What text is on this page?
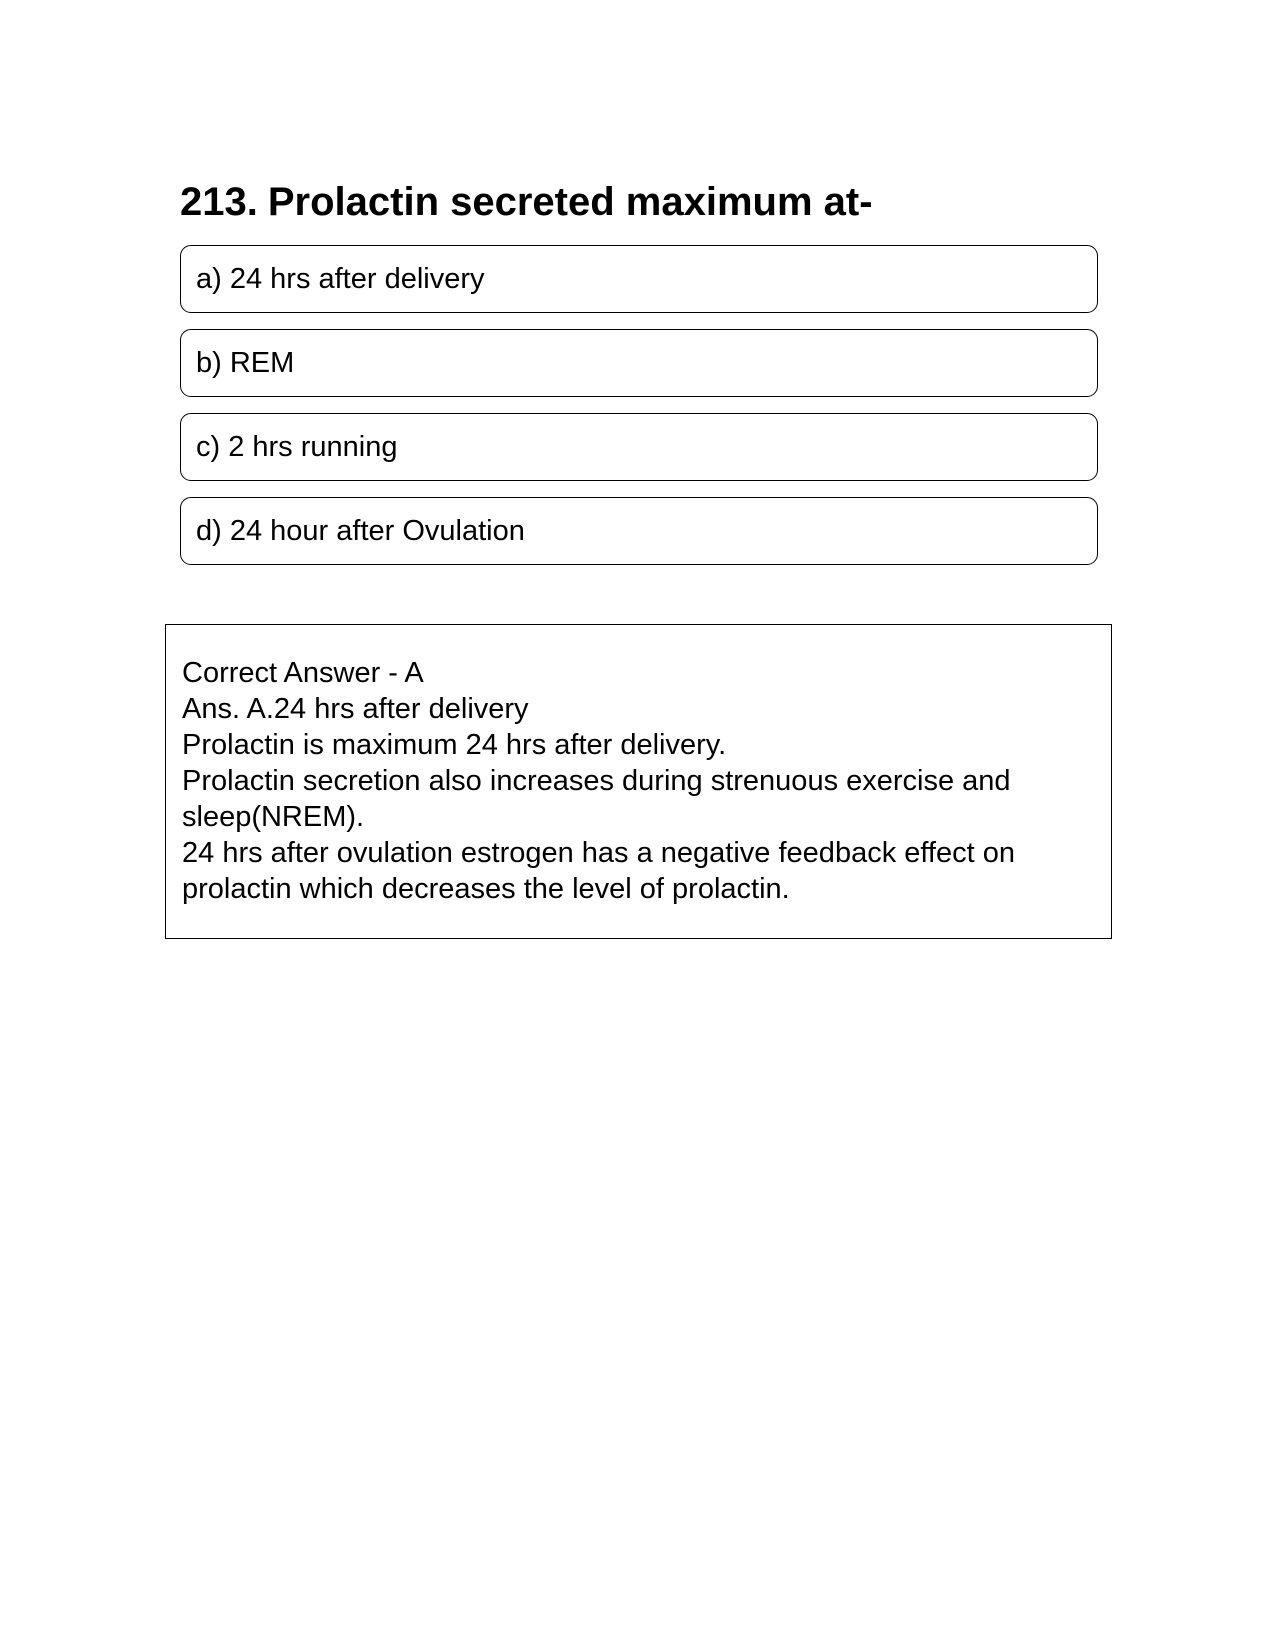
213. Prolactin secreted maximum at-
a) 24 hrs after delivery
b) REM
c) 2 hrs running
d) 24 hour after Ovulation

Correct Answer - A

Ans. A.24 hrs after delivery

Prolactin is maximum 24 hrs after delivery.

Prolactin secretion also increases during strenuous exercise and sleep(NREM).

24 hrs after ovulation estrogen has a negative feedback effect on prolactin which decreases the level of prolactin.
